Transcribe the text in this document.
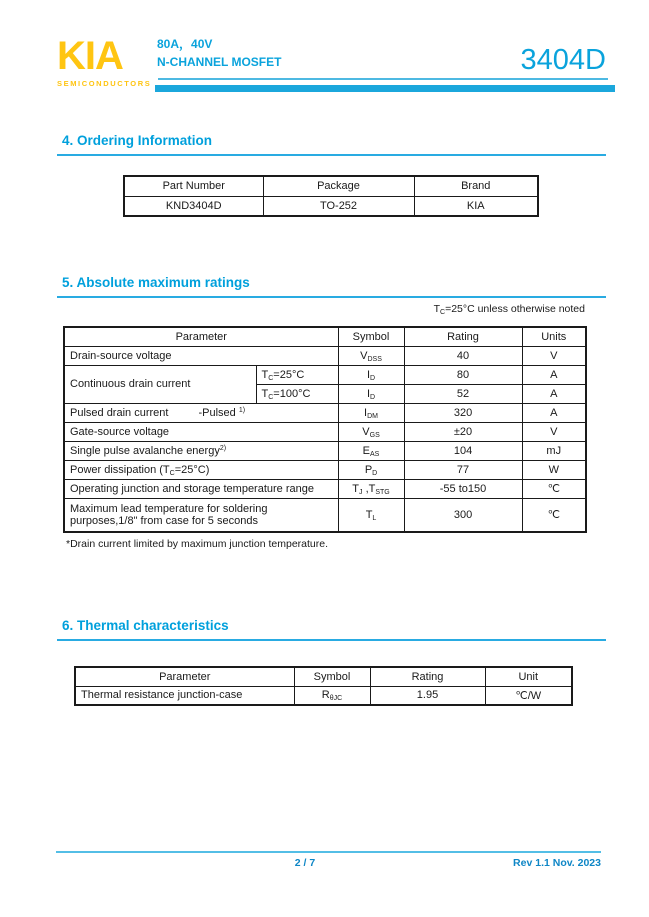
KIA
SEMICONDUCTORS
80A，40V
N-CHANNEL MOSFET	3404D
4. Ordering Information
Part Number	Package	Brand
KND3404D	TO-252	KIA
5. Absolute maximum ratings
$T_C=25^\circ C$ unless otherwise noted
Parameter		Symbol	Rating	Units
Drain-source voltage		$V_{DSS}$	40	V
Continuous drain current	$T_C=25^\circ C$	$I_D$	80	A
	$T_C=100^\circ C$	$I_D$	52	A
Pulsed drain current -Pulsed $^{1)}$		$I_{DM}$	320	A
Gate-source voltage		$V_{GS}$	±20	V
Single pulse avalanche energy$^{2)}$		$E_{AS}$	104	mJ
Power dissipation $(T_C=25^\circ C)$		$P_D$	77	W
Operating junction and storage temperature range		$T_J$ $,T_{STG}$	-55 to150	℃

Maximum lead temperature for soldering
purposes,1/8" from case for 5 seconds		$T_L$	300	℃
*Drain current limited by maximum junction temperature.
6. Thermal characteristics
Parameter	Symbol	Rating	Unit
Thermal resistance junction-case	$R_{\theta JC}$	1.95	℃/W
2 / 7	Rev 1.1 Nov. 2023
